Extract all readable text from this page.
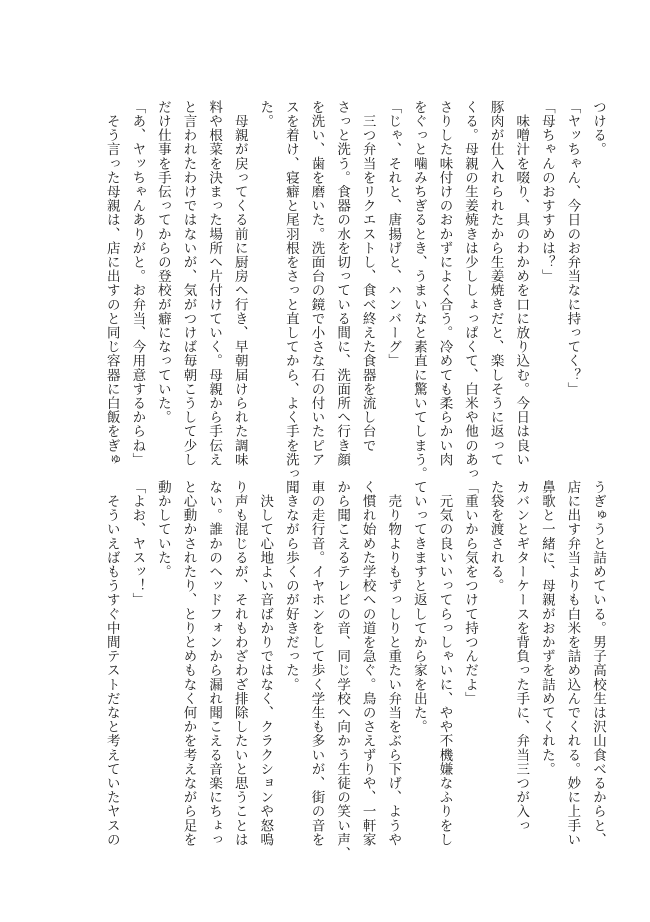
つける。
「ヤッちゃん、今日のお弁当なに持ってく？」
「母ちゃんのおすすめは？」
　味噌汁を啜り、具のわかめを口に放り込む。今日は良い
豚肉が仕入れられたから生姜焼きだと、楽しそうに返って
くる。母親の生姜焼きは少ししょっぱくて、白米や他のあっ
さりした味付けのおかずによく合う。冷めても柔らかい肉
をぐっと噛みちぎるとき、うまいなと素直に驚いてしまう。
「じゃ、それと、唐揚げと、ハンバーグ」
　三つ弁当をリクエストし、食べ終えた食器を流し台で
さっと洗う。食器の水を切っている間に、洗面所へ行き顔
を洗い、歯を磨いた。洗面台の鏡で小さな石の付いたピア
スを着け、寝癖と尾羽根をさっと直してから、よく手を洗っ
た。
　母親が戻ってくる前に厨房へ行き、早朝届けられた調味
料や根菜を決まった場所へ片付けていく。母親から手伝え
と言われたわけではないが、気がつけば毎朝こうして少し
だけ仕事を手伝ってからの登校が癖になっていた。
「あ、ヤッちゃんありがと。お弁当、今用意するからね」
　そう言った母親は、店に出すのと同じ容器に白飯をぎゅ
うぎゅうと詰めている。男子高校生は沢山食べるからと、
店に出す弁当よりも白米を詰め込んでくれる。妙に上手い
鼻歌と一緒に、母親がおかずを詰めてくれた。
カバンとギターケースを背負った手に、弁当三つが入っ
た袋を渡される。
「重いから気をつけて持つんだよ」
　元気の良いいってらっしゃいに、やや不機嫌なふりをし
ていってきますと返してから家を出た。
　売り物よりもずっしりと重たい弁当をぶら下げ、ようや
く慣れ始めた学校への道を急ぐ。鳥のさえずりや、一軒家
から聞こえるテレビの音、同じ学校へ向かう生徒の笑い声、
車の走行音。イヤホンをして歩く学生も多いが、街の音を
聞きながら歩くのが好きだった。
　決して心地よい音ばかりではなく、クラクションや怒鳴
り声も混じるが、それもわざわざ排除したいと思うことは
ない。誰かのヘッドフォンから漏れ聞こえる音楽にちょっ
と心動かされたり、とりとめもなく何かを考えながら足を
動かしていた。
「よお、ヤスッ！」
　そういえばもうすぐ中間テストだなと考えていたヤスの
